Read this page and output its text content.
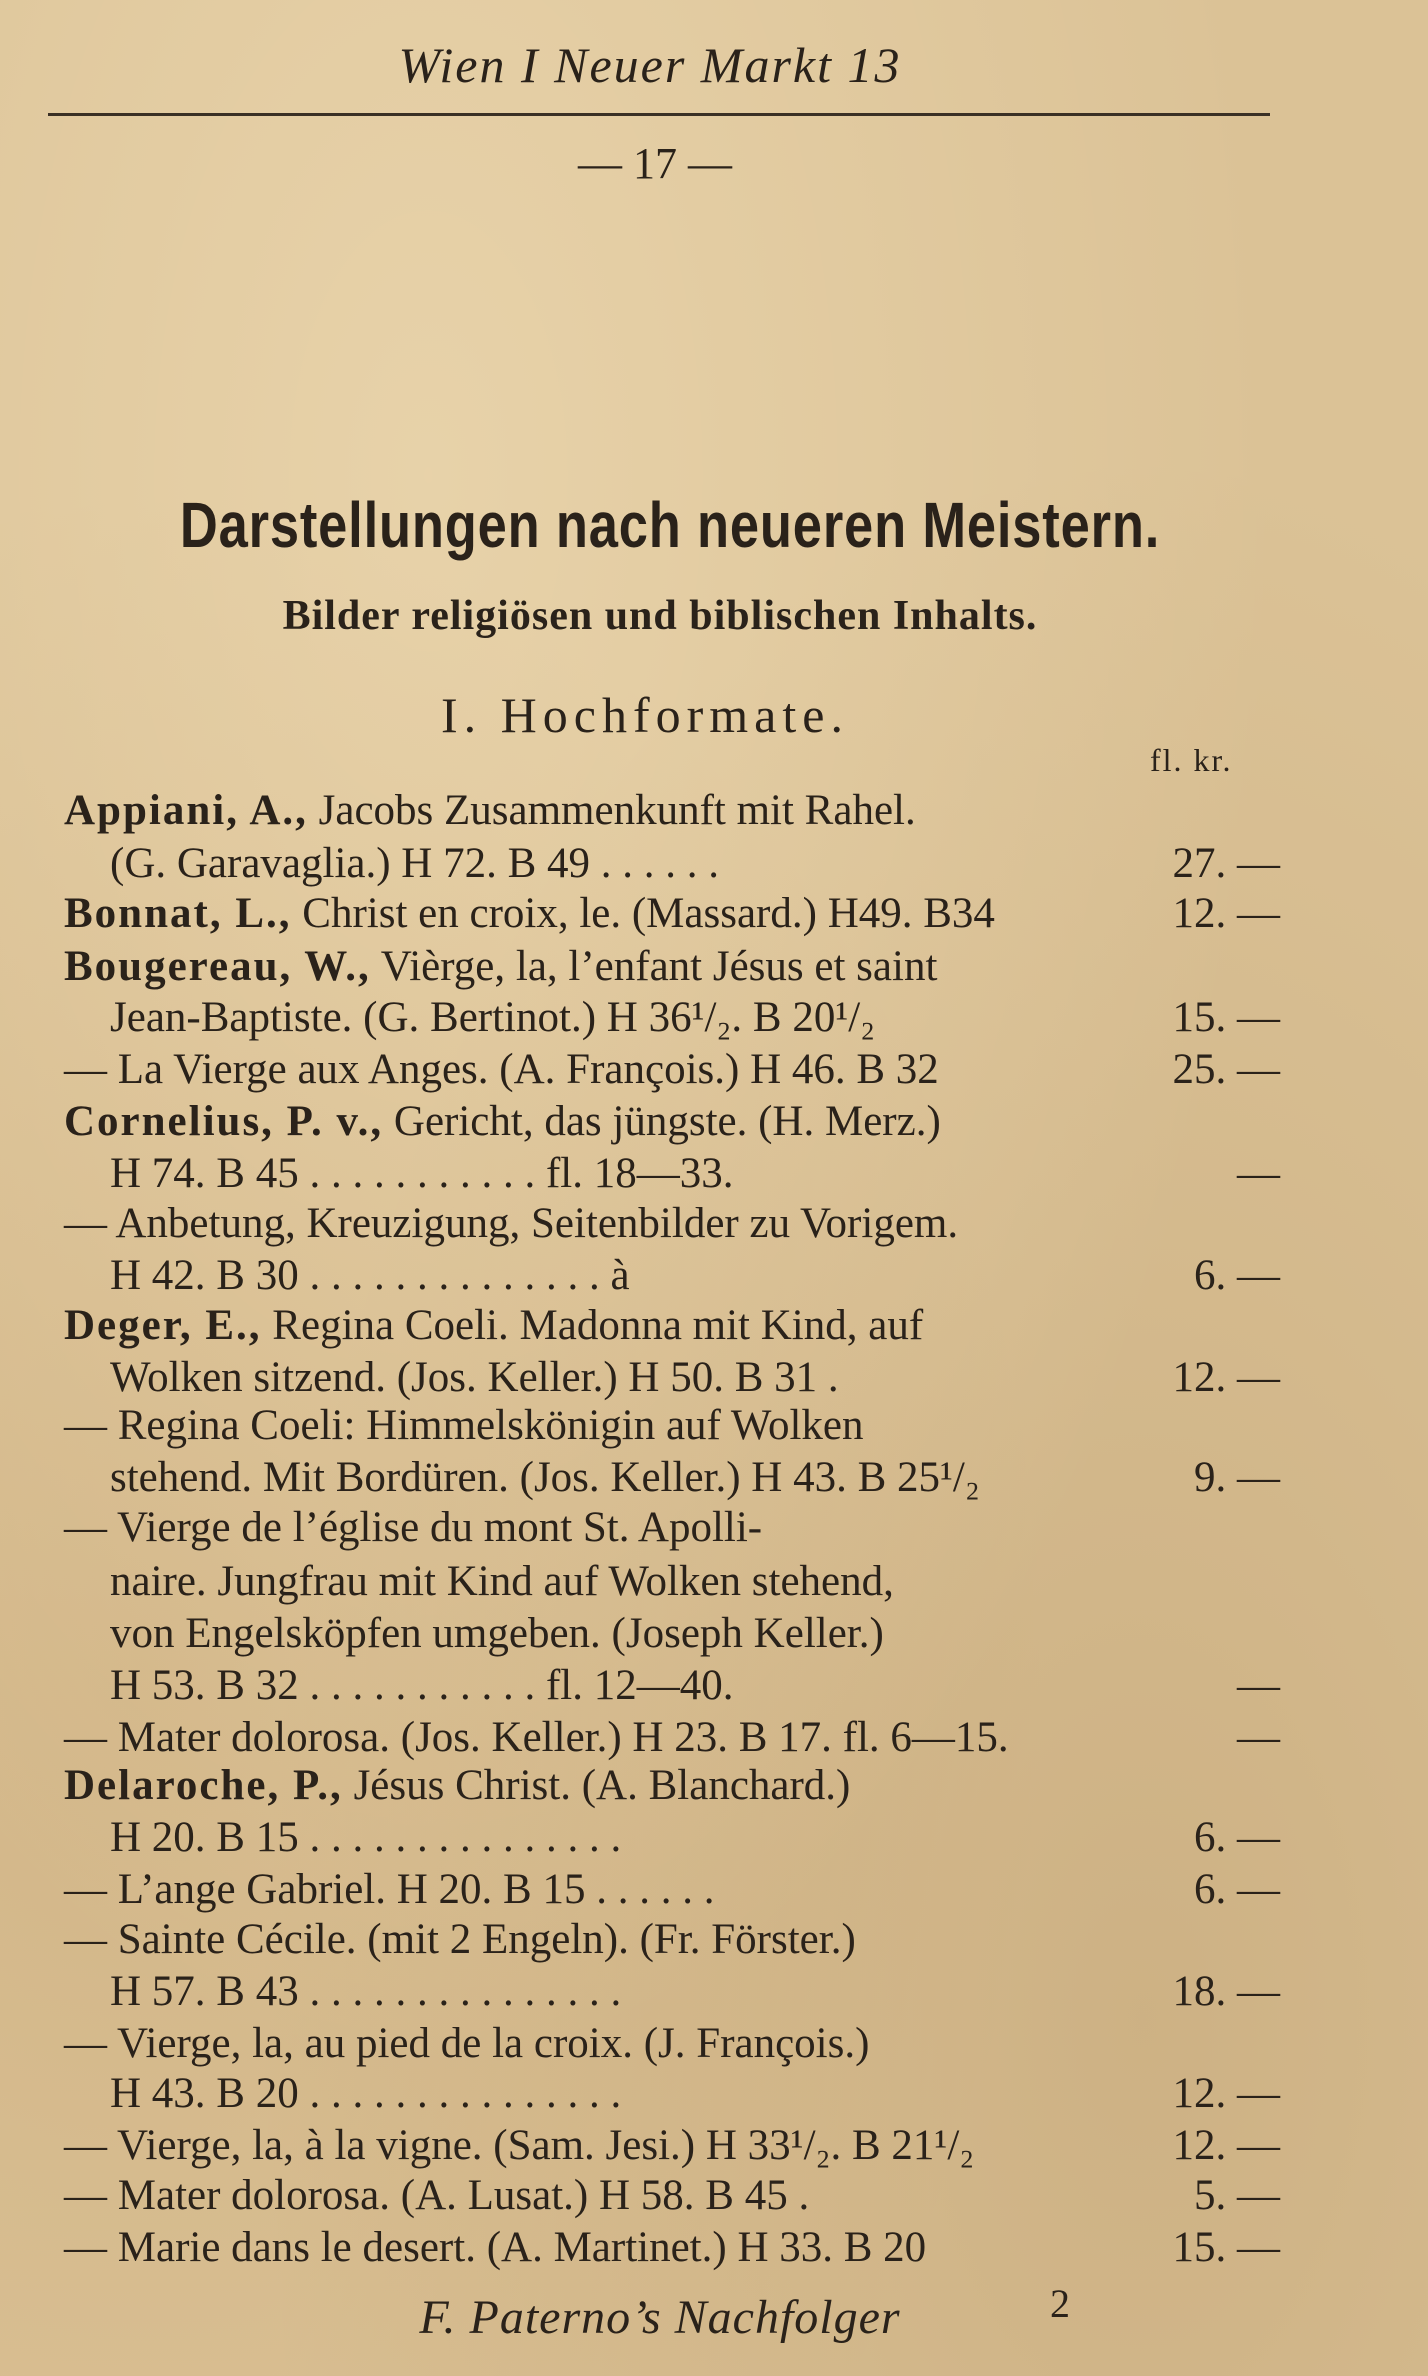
Wien I Neuer Markt 13
— 17 —
Darstellungen nach neueren Meistern.
Bilder religiösen und biblischen Inhalts.
I. Hochformate.
fl. kr.
Appiani, A., Jacobs Zusammenkunft mit Rahel.
(G. Garavaglia.) H 72. B 49 . . . . . .	27. —
Bonnat, L., Christ en croix, le. (Massard.) H49. B34	12. —
Bougereau, W., Vièrge, la, l’enfant Jésus et saint
Jean-Baptiste. (G. Bertinot.) H 36¹/₂. B 20¹/₂	15. —
— La Vierge aux Anges. (A. François.) H 46. B 32	25. —
Cornelius, P. v., Gericht, das jüngste. (H. Merz.)
H 74. B 45 . . . . . . . . . . . fl. 18—33.	—
— Anbetung, Kreuzigung, Seitenbilder zu Vorigem.
H 42. B 30 . . . . . . . . . . . . . . à	6. —
Deger, E., Regina Coeli. Madonna mit Kind, auf
Wolken sitzend. (Jos. Keller.) H 50. B 31 .	12. —
— Regina Coeli: Himmelskönigin auf Wolken
stehend. Mit Bordüren. (Jos. Keller.) H 43. B 25¹/₂	9. —
— Vierge de l’église du mont St. Apolli-
naire. Jungfrau mit Kind auf Wolken stehend,
von Engelsköpfen umgeben. (Joseph Keller.)
H 53. B 32 . . . . . . . . . . . fl. 12—40.	—
— Mater dolorosa. (Jos. Keller.) H 23. B 17. fl. 6—15.	—
Delaroche, P., Jésus Christ. (A. Blanchard.)
H 20. B 15 . . . . . . . . . . . . . . .	6. —
— L’ange Gabriel. H 20. B 15 . . . . . .	6. —
— Sainte Cécile. (mit 2 Engeln). (Fr. Förster.)
H 57. B 43 . . . . . . . . . . . . . . .	18. —
— Vierge, la, au pied de la croix. (J. François.)
H 43. B 20 . . . . . . . . . . . . . . .	12. —
— Vierge, la, à la vigne. (Sam. Jesi.) H 33¹/₂. B 21¹/₂	12. —
— Mater dolorosa. (A. Lusat.) H 58. B 45 .	5. —
— Marie dans le desert. (A. Martinet.) H 33. B 20	15. —
F. Paterno’s Nachfolger	2
